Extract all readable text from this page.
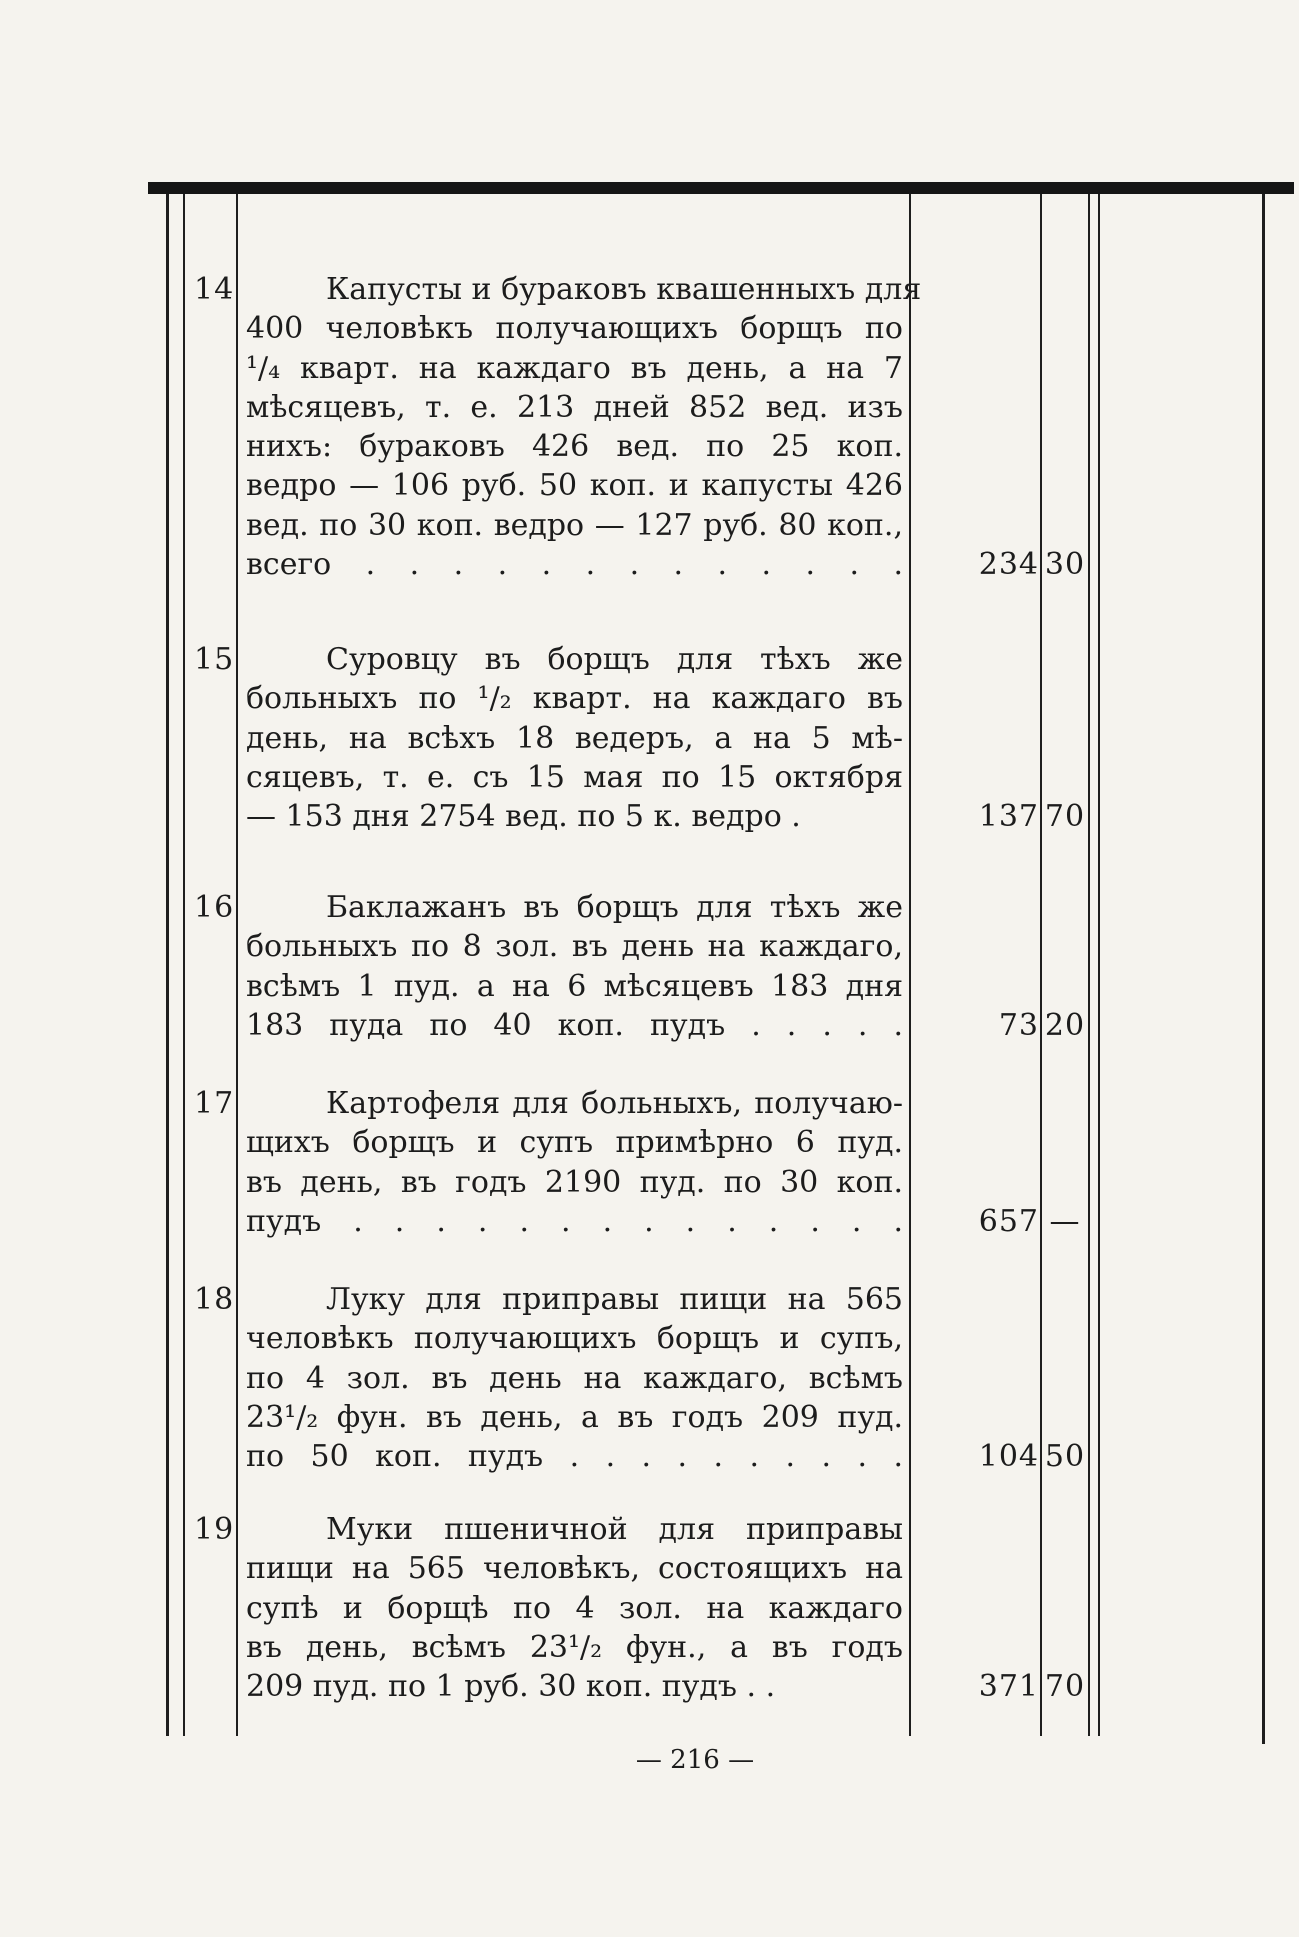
14	Капусты и бураковъ квашенныхъ для
400 человѣкъ получающихъ борщъ по
¹/₄ кварт. на каждаго въ день, а на 7
мѣсяцевъ, т. е. 213 дней 852 вед. изъ
нихъ: бураковъ 426 вед. по 25 коп.
ведро — 106 руб. 50 коп. и капусты 426
вед. по 30 коп. ведро — 127 руб. 80 коп.,
всего . . . . . . . . . . . . .	234 30
15	Суровцу въ борщъ для тѣхъ же
больныхъ по ¹/₂ кварт. на каждаго въ
день, на всѣхъ 18 ведеръ, а на 5 мѣ-
сяцевъ, т. е. съ 15 мая по 15 октября
— 153 дня 2754 вед. по 5 к. ведро .	137 70
16	Баклажанъ въ борщъ для тѣхъ же
больныхъ по 8 зол. въ день на каждаго,
всѣмъ 1 пуд. а на 6 мѣсяцевъ 183 дня
183 пуда по 40 коп. пудъ . . . . .	73 20
17	Картофеля для больныхъ, получаю-
щихъ борщъ и супъ примѣрно 6 пуд.
въ день, въ годъ 2190 пуд. по 30 коп.
пудъ . . . . . . . . . . . . . .	657 —
18	Луку для приправы пищи на 565
человѣкъ получающихъ борщъ и супъ,
по 4 зол. въ день на каждаго, всѣмъ
23¹/₂ фун. въ день, а въ годъ 209 пуд.
по 50 коп. пудъ . . . . . . . . . .	104 50
19	Муки пшеничной для приправы
пищи на 565 человѣкъ, состоящихъ на
супѣ и борщѣ по 4 зол. на каждаго
въ день, всѣмъ 23¹/₂ фун., а въ годъ
209 пуд. по 1 руб. 30 коп. пудъ . .	371 70
— 216 —
